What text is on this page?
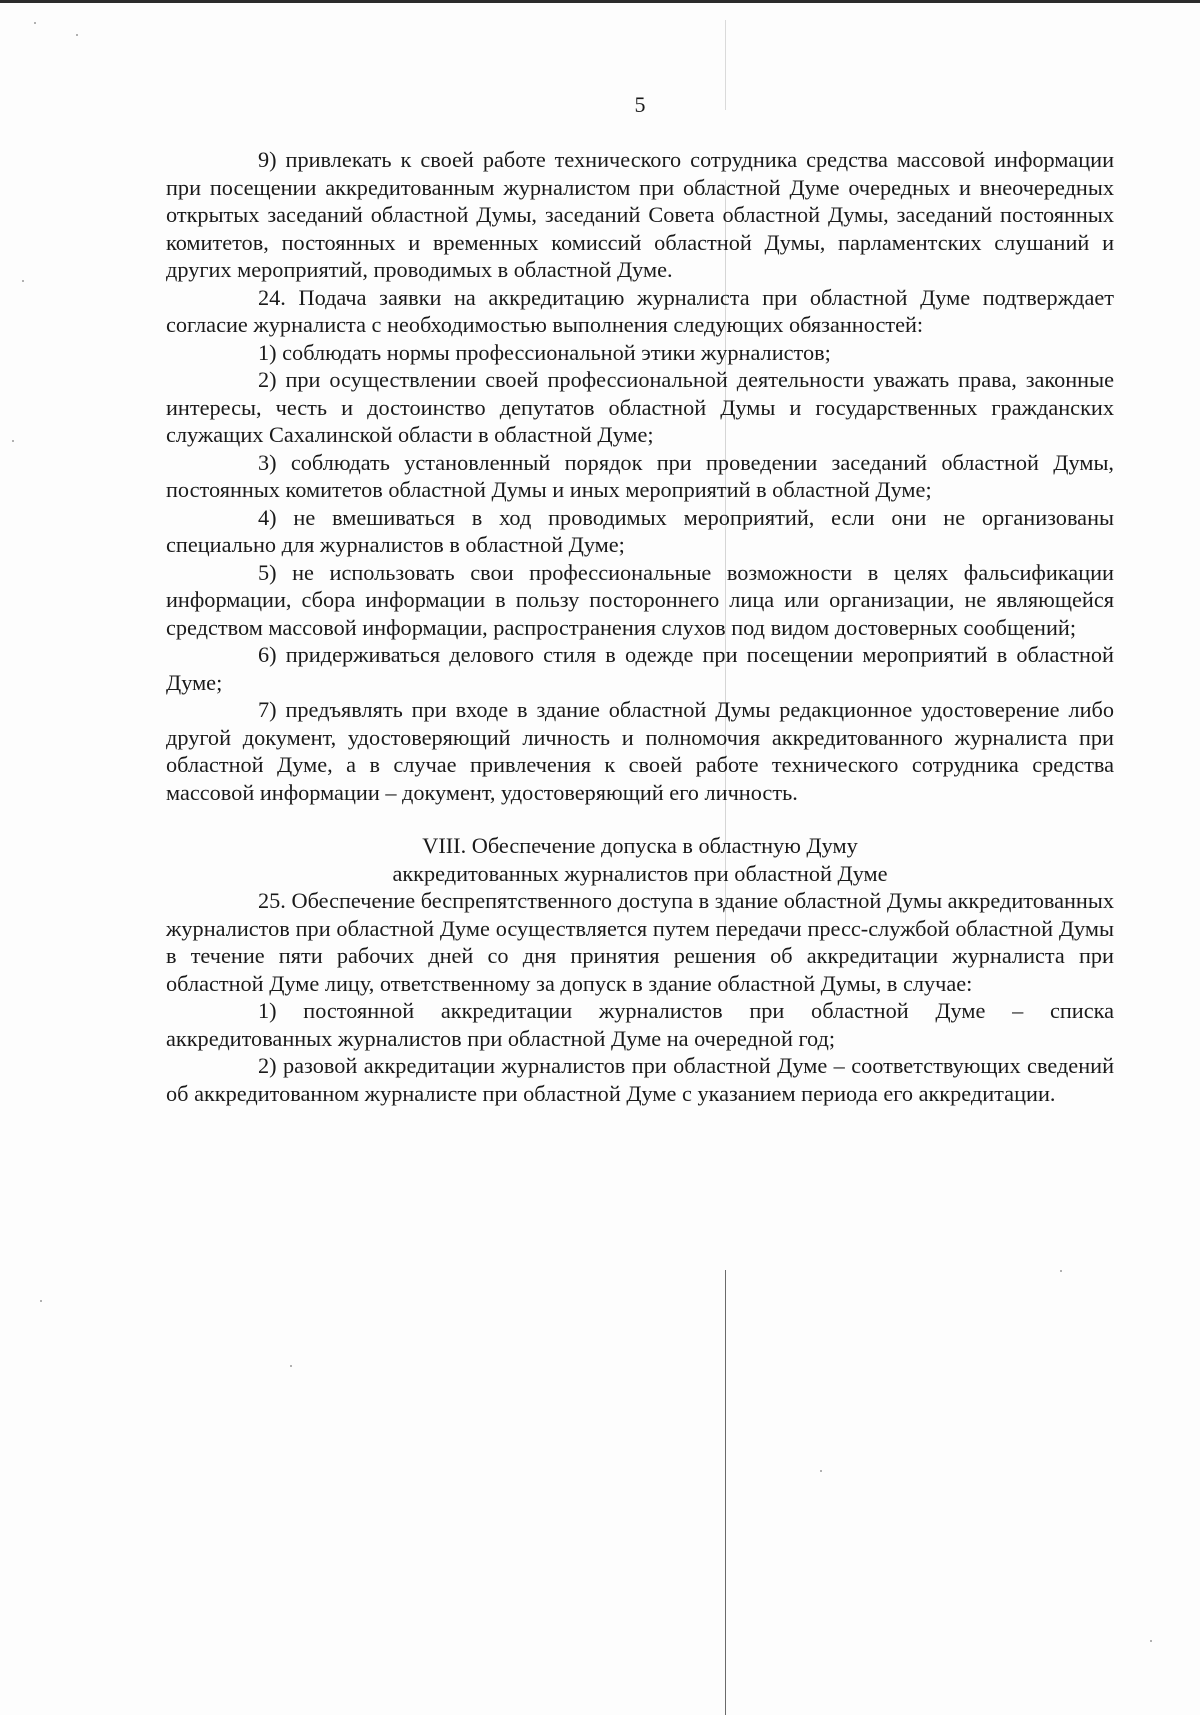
5

9) привлекать к своей работе технического сотрудника средства массовой информации при посещении аккредитованным журналистом при областной Думе очередных и внеочередных открытых заседаний областной Думы, заседаний Совета областной Думы, заседаний постоянных комитетов, постоянных и временных комиссий областной Думы, парламентских слушаний и других мероприятий, проводимых в областной Думе.

24. Подача заявки на аккредитацию журналиста при областной Думе подтверждает согласие журналиста с необходимостью выполнения следующих обязанностей:

1) соблюдать нормы профессиональной этики журналистов;

2) при осуществлении своей профессиональной деятельности уважать права, законные интересы, честь и достоинство депутатов областной Думы и государственных гражданских служащих Сахалинской области в областной Думе;

3) соблюдать установленный порядок при проведении заседаний областной Думы, постоянных комитетов областной Думы и иных мероприятий в областной Думе;

4) не вмешиваться в ход проводимых мероприятий, если они не организованы специально для журналистов в областной Думе;

5) не использовать свои профессиональные возможности в целях фальсификации информации, сбора информации в пользу постороннего лица или организации, не являющейся средством массовой информации, распространения слухов под видом достоверных сообщений;

6) придерживаться делового стиля в одежде при посещении мероприятий в областной Думе;

7) предъявлять при входе в здание областной Думы редакционное удостоверение либо другой документ, удостоверяющий личность и полномочия аккредитованного журналиста при областной Думе, а в случае привлечения к своей работе технического сотрудника средства массовой информации – документ, удостоверяющий его личность.

VIII. Обеспечение допуска в областную Думу

аккредитованных журналистов при областной Думе

25. Обеспечение беспрепятственного доступа в здание областной Думы аккредитованных журналистов при областной Думе осуществляется путем передачи пресс-службой областной Думы в течение пяти рабочих дней со дня принятия решения об аккредитации журналиста при областной Думе лицу, ответственному за допуск в здание областной Думы, в случае:

1) постоянной аккредитации журналистов при областной Думе – списка аккредитованных журналистов при областной Думе на очередной год;

2) разовой аккредитации журналистов при областной Думе – соответствующих сведений об аккредитованном журналисте при областной Думе с указанием периода его аккредитации.
